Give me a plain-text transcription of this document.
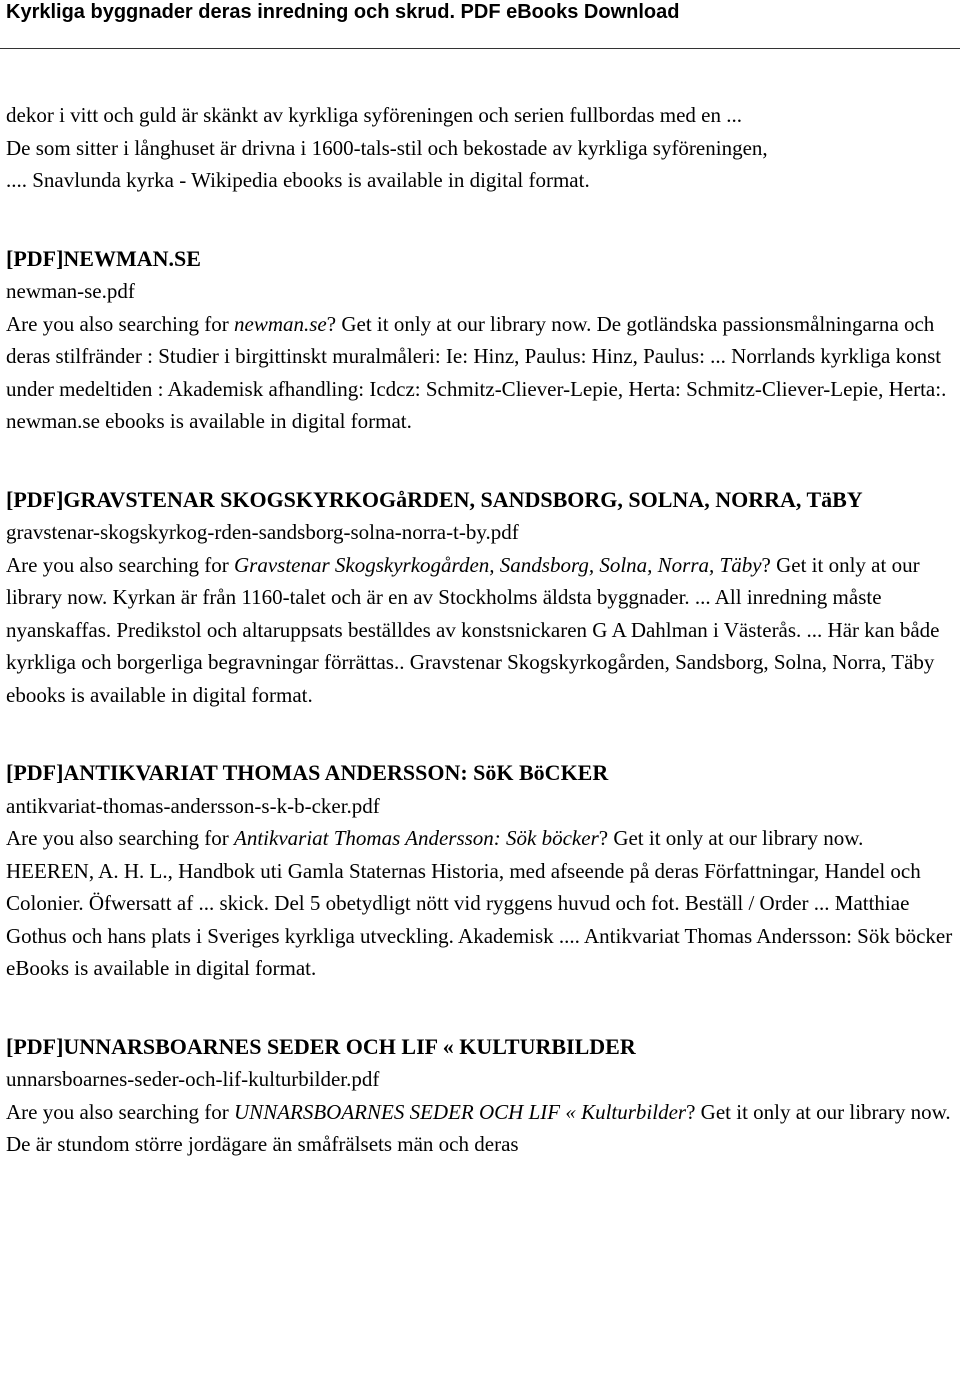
Kyrkliga byggnader deras inredning och skrud. PDF eBooks Download
dekor i vitt och guld är skänkt av kyrkliga syföreningen och serien fullbordas med en ...
De som sitter i långhuset är drivna i 1600-tals-stil och bekostade av kyrkliga syföreningen,
.... Snavlunda kyrka - Wikipedia ebooks is available in digital format.
[PDF]NEWMAN.SE
newman-se.pdf
Are you also searching for newman.se? Get it only at our library now. De gotländska passionsmålningarna och deras stilfränder : Studier i birgittinskt muralmåleri: Ie: Hinz, Paulus: Hinz, Paulus: ... Norrlands kyrkliga konst under medeltiden : Akademisk afhandling: Icdcz: Schmitz-Cliever-Lepie, Herta: Schmitz-Cliever-Lepie, Herta:. newman.se ebooks is available in digital format.
[PDF]GRAVSTENAR SKOGSKYRKOGåRDEN, SANDSBORG, SOLNA, NORRA, TäBY
gravstenar-skogskyrkog-rden-sandsborg-solna-norra-t-by.pdf
Are you also searching for Gravstenar Skogskyrkogården, Sandsborg, Solna, Norra, Täby? Get it only at our library now. Kyrkan är från 1160-talet och är en av Stockholms äldsta byggnader. ... All inredning måste nyanskaffas. Predikstol och altaruppsats beställdes av konstsnickaren G A Dahlman i Västerås. ... Här kan både kyrkliga och borgerliga begravningar förrättas.. Gravstenar Skogskyrkogården, Sandsborg, Solna, Norra, Täby ebooks is available in digital format.
[PDF]ANTIKVARIAT THOMAS ANDERSSON: SöK BöCKER
antikvariat-thomas-andersson-s-k-b-cker.pdf
Are you also searching for Antikvariat Thomas Andersson: Sök böcker? Get it only at our library now. HEEREN, A. H. L., Handbok uti Gamla Staternas Historia, med afseende på deras Författningar, Handel och Colonier. Öfwersatt af ... skick. Del 5 obetydligt nött vid ryggens huvud och fot. Beställ / Order ... Matthiae Gothus och hans plats i Sveriges kyrkliga utveckling. Akademisk .... Antikvariat Thomas Andersson: Sök böcker eBooks is available in digital format.
[PDF]UNNARSBOARNES SEDER OCH LIF « KULTURBILDER
unnarsboarnes-seder-och-lif-kulturbilder.pdf
Are you also searching for UNNARSBOARNES SEDER OCH LIF « Kulturbilder? Get it only at our library now. De är stundom större jordägare än småfrälsets män och deras
